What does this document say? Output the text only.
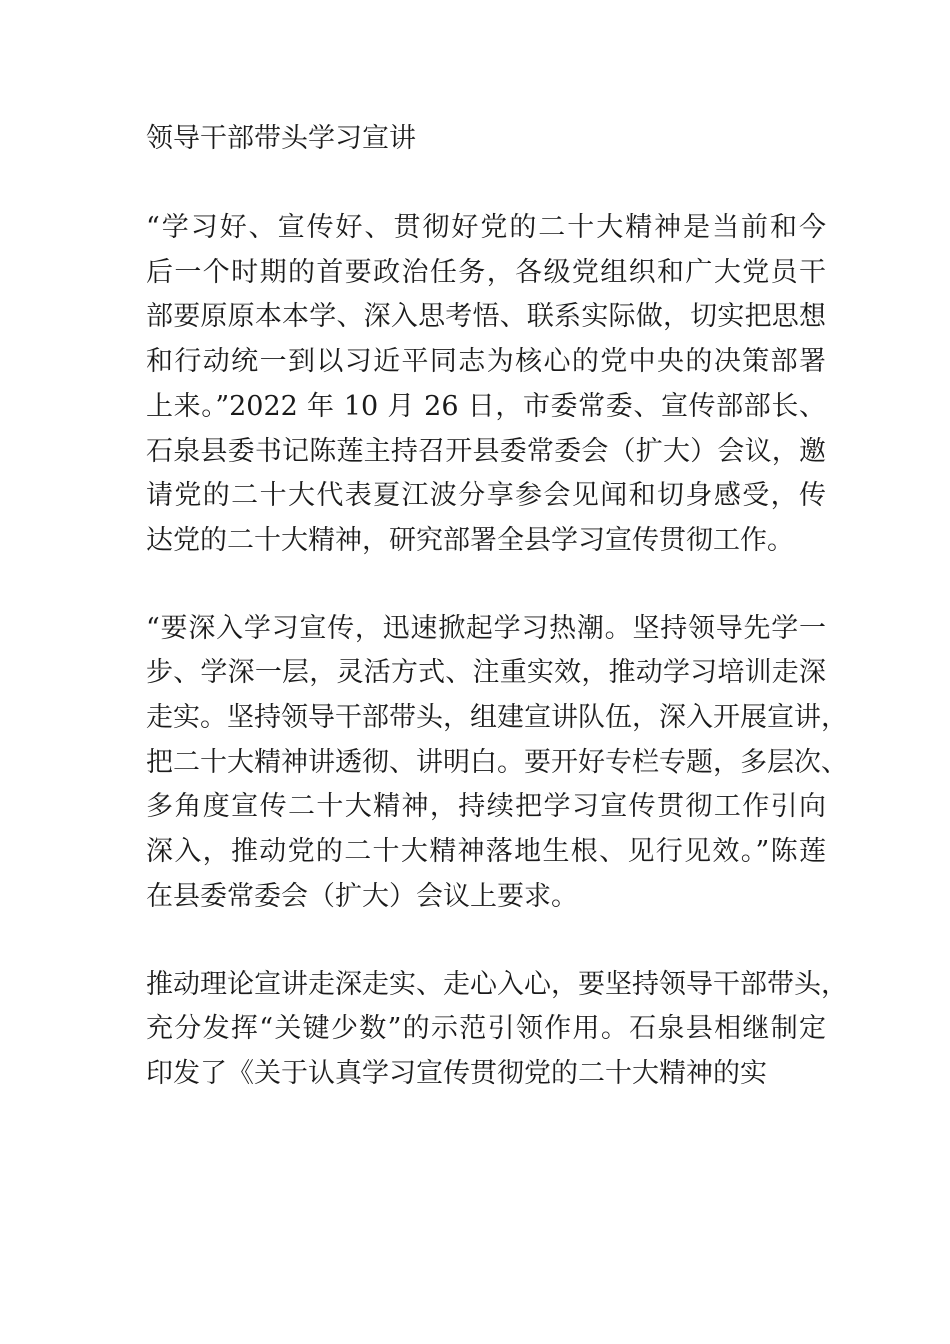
领导干部带头学习宣讲
“学习好、宣传好、贯彻好党的二十大精神是当前和今
后一个时期的首要政治任务，各级党组织和广大党员干
部要原原本本学、深入思考悟、联系实际做，切实把思想
和行动统一到以习近平同志为核心的党中央的决策部署
上来。”2022 年 10 月 26 日，市委常委、宣传部部长、
石泉县委书记陈莲主持召开县委常委会（扩大）会议，邀
请党的二十大代表夏江波分享参会见闻和切身感受，传
达党的二十大精神，研究部署全县学习宣传贯彻工作。
“要深入学习宣传，迅速掀起学习热潮。坚持领导先学一
步、学深一层，灵活方式、注重实效，推动学习培训走深
走实。坚持领导干部带头，组建宣讲队伍，深入开展宣讲，
把二十大精神讲透彻、讲明白。要开好专栏专题，多层次、
多角度宣传二十大精神，持续把学习宣传贯彻工作引向
深入，推动党的二十大精神落地生根、见行见效。”陈莲
在县委常委会（扩大）会议上要求。
推动理论宣讲走深走实、走心入心，要坚持领导干部带头，
充分发挥“关键少数”的示范引领作用。石泉县相继制定
印发了《关于认真学习宣传贯彻党的二十大精神的实
